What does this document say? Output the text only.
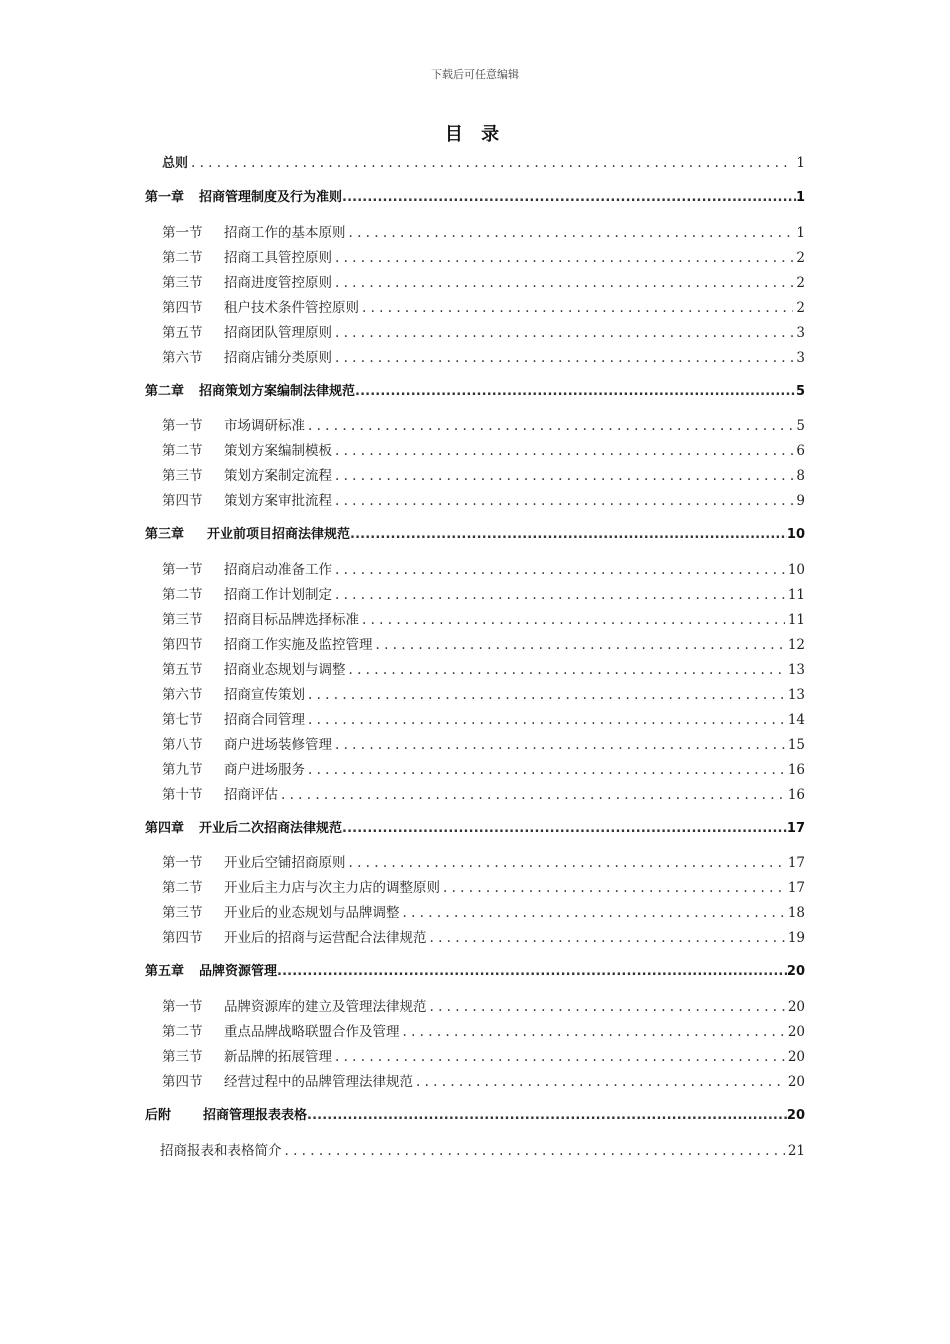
下载后可任意编辑
目 录
总则 . . .	1
第一章	招商管理制度及行为准则 . . .	1
第一节	招商工作的基本原则 . . .	1
第二节	招商工具管控原则 . . .	2
第三节	招商进度管控原则 . . .	2
第四节	租户技术条件管控原则 . . .	2
第五节	招商团队管理原则 . . .	3
第六节	招商店铺分类原则 . . .	3
第二章	招商策划方案编制法律规范 . . .	5
第一节	市场调研标准 . . .	5
第二节	策划方案编制模板 . . .	6
第三节	策划方案制定流程 . . .	8
第四节	策划方案审批流程 . . .	9
第三章	开业前项目招商法律规范 . . .	10
第一节	招商启动准备工作 . . .	10
第二节	招商工作计划制定 . . .	11
第三节	招商目标品牌选择标准 . . .	11
第四节	招商工作实施及监控管理 . . .	12
第五节	招商业态规划与调整 . . .	13
第六节	招商宣传策划 . . .	13
第七节	招商合同管理 . . .	14
第八节	商户进场装修管理 . . .	15
第九节	商户进场服务 . . .	16
第十节	招商评估 . . .	16
第四章	开业后二次招商法律规范 . . .	17
第一节	开业后空铺招商原则 . . .	17
第二节	开业后主力店与次主力店的调整原则 . . .	17
第三节	开业后的业态规划与品牌调整 . . .	18
第四节	开业后的招商与运营配合法律规范 . . .	19
第五章	品牌资源管理 . . .	20
第一节	品牌资源库的建立及管理法律规范 . . .	20
第二节	重点品牌战略联盟合作及管理 . . .	20
第三节	新品牌的拓展管理 . . .	20
第四节	经营过程中的品牌管理法律规范 . . .	20
后附	招商管理报表表格 . . .	20
招商报表和表格简介 . . .	21
